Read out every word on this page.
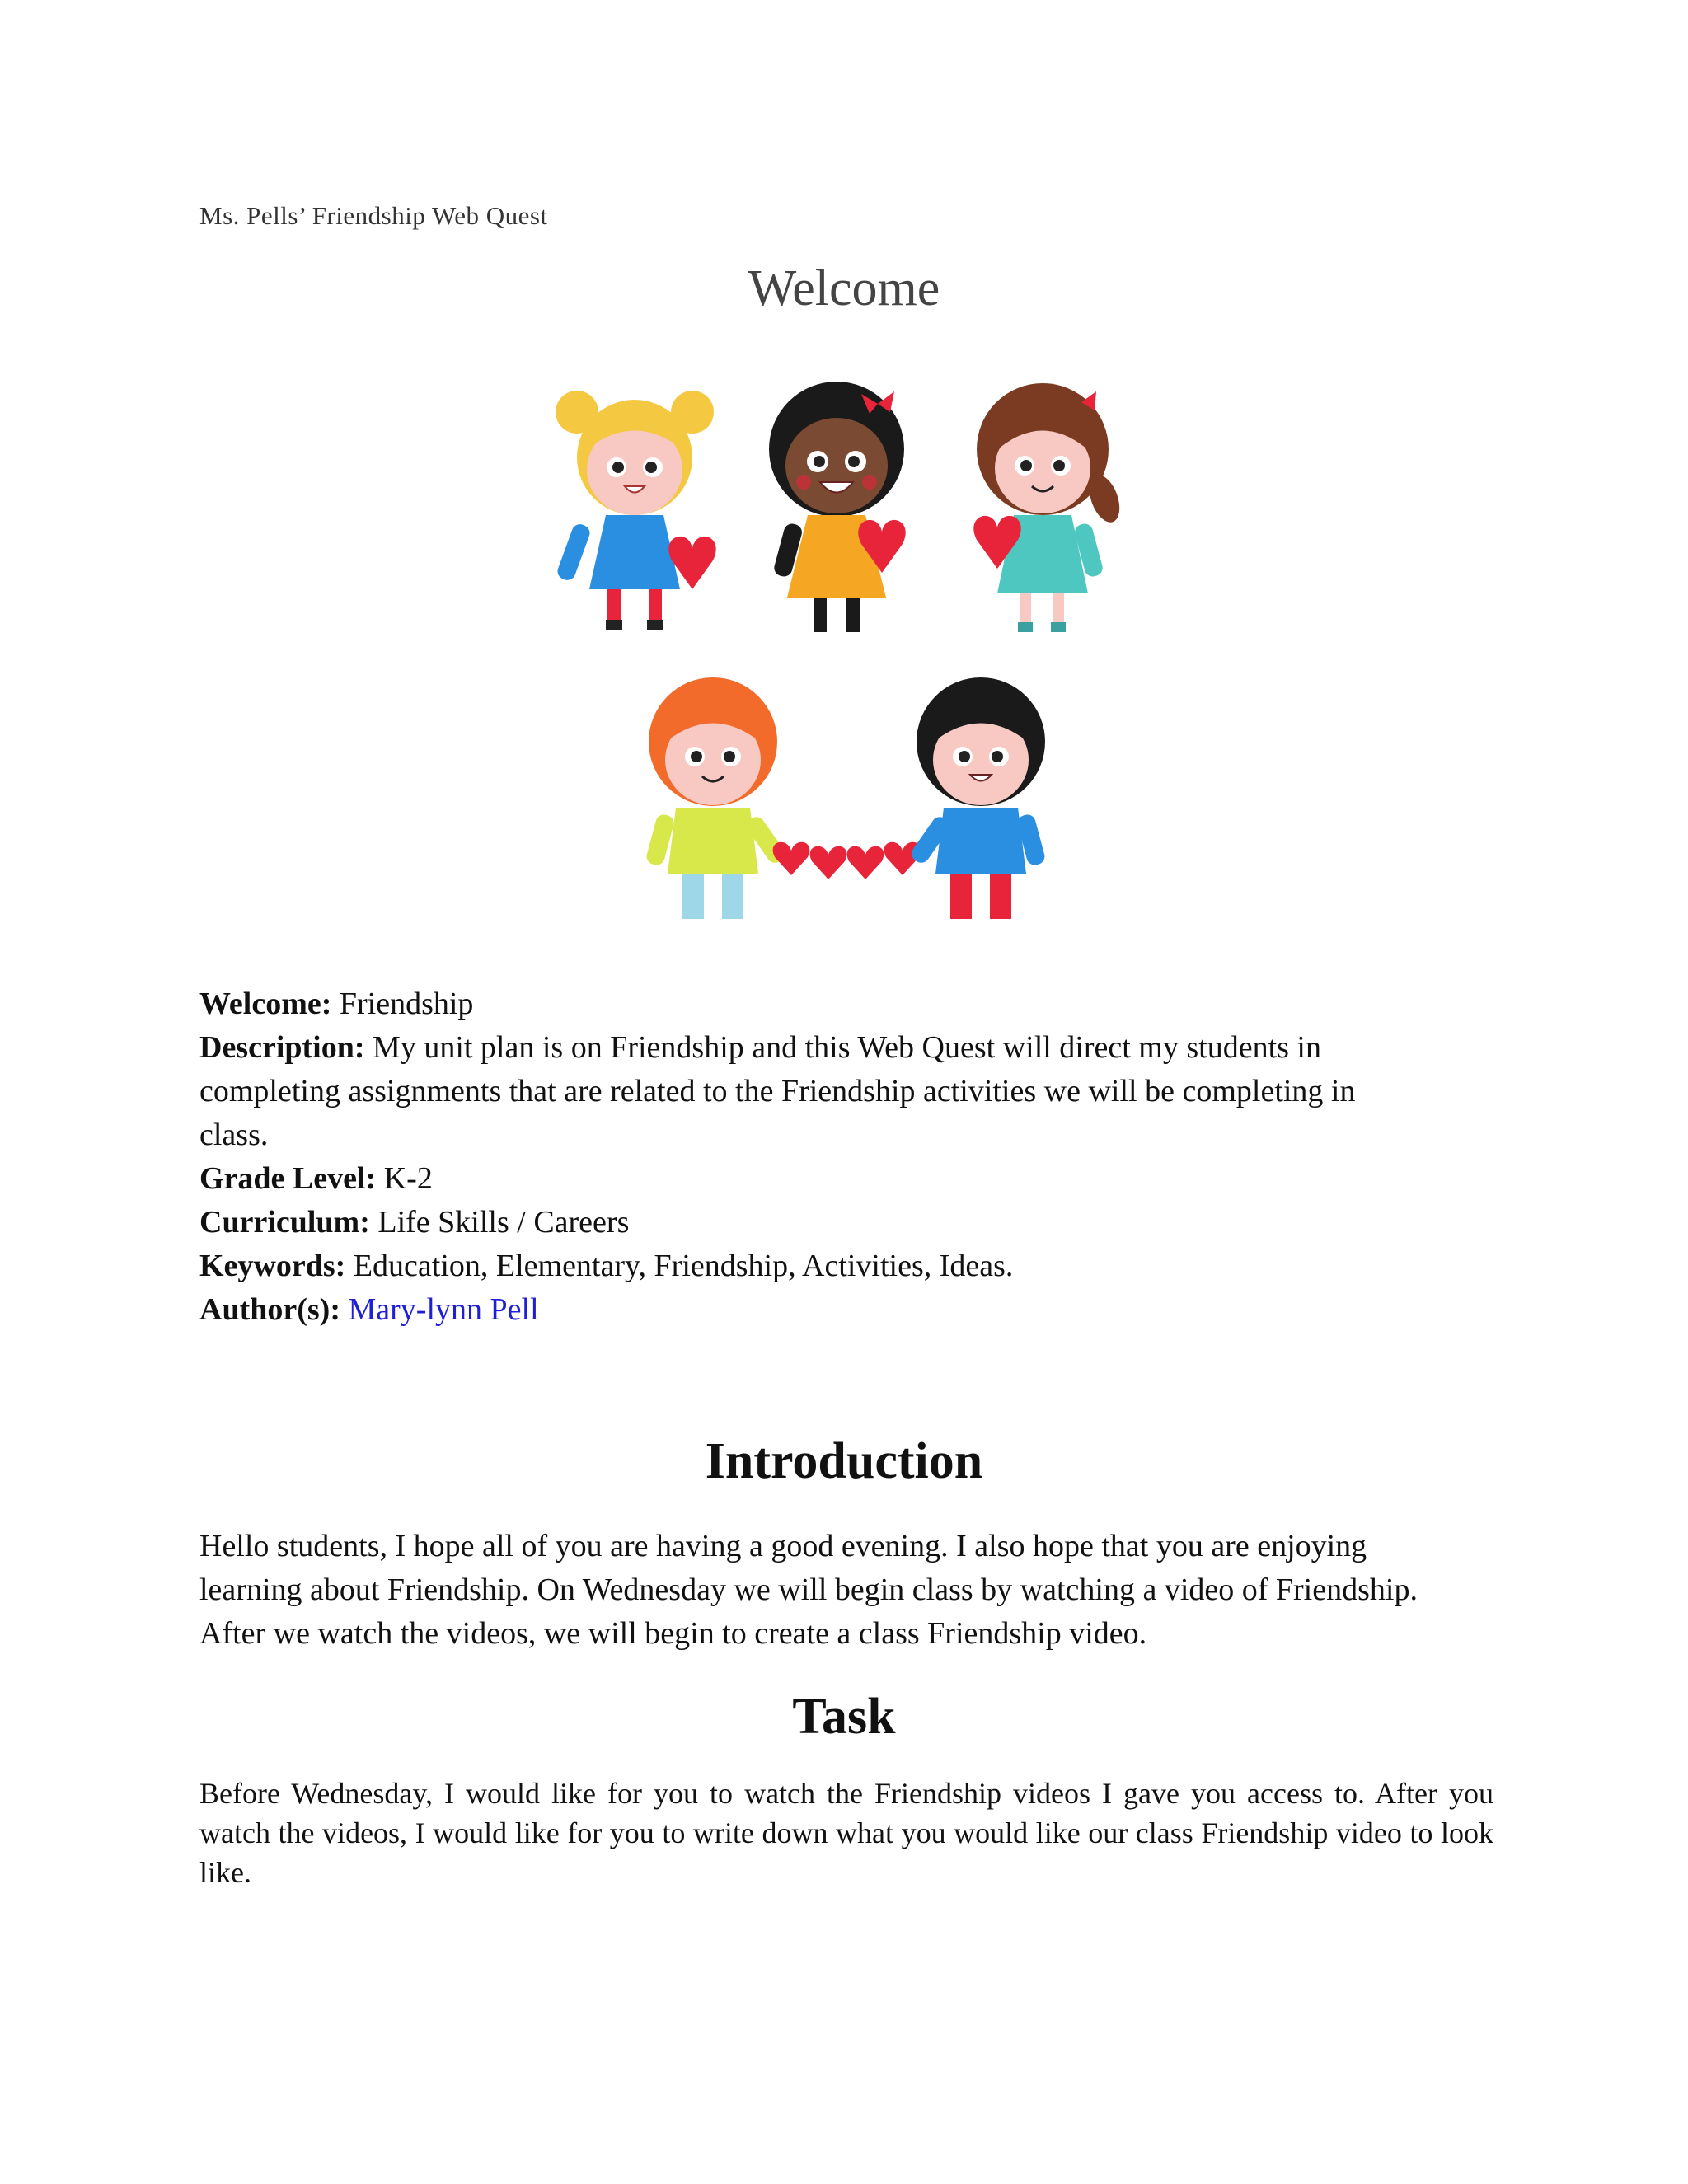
Ms. Pells’ Friendship Web Quest
Welcome
Welcome: Friendship
Description: My unit plan is on Friendship and this Web Quest will direct my students in
completing assignments that are related to the Friendship activities we will be completing in
class.
Grade Level: K-2
Curriculum: Life Skills / Careers
Keywords: Education, Elementary, Friendship, Activities, Ideas.
Author(s): Mary-lynn Pell
Introduction
Hello students, I hope all of you are having a good evening. I also hope that you are enjoying
learning about Friendship. On Wednesday we will begin class by watching a video of Friendship.
After we watch the videos, we will begin to create a class Friendship video.
Task
Before Wednesday, I would like for you to watch the Friendship videos I gave you access to. After you watch the videos, I would like for you to write down what you would like our class Friendship video to look like.
